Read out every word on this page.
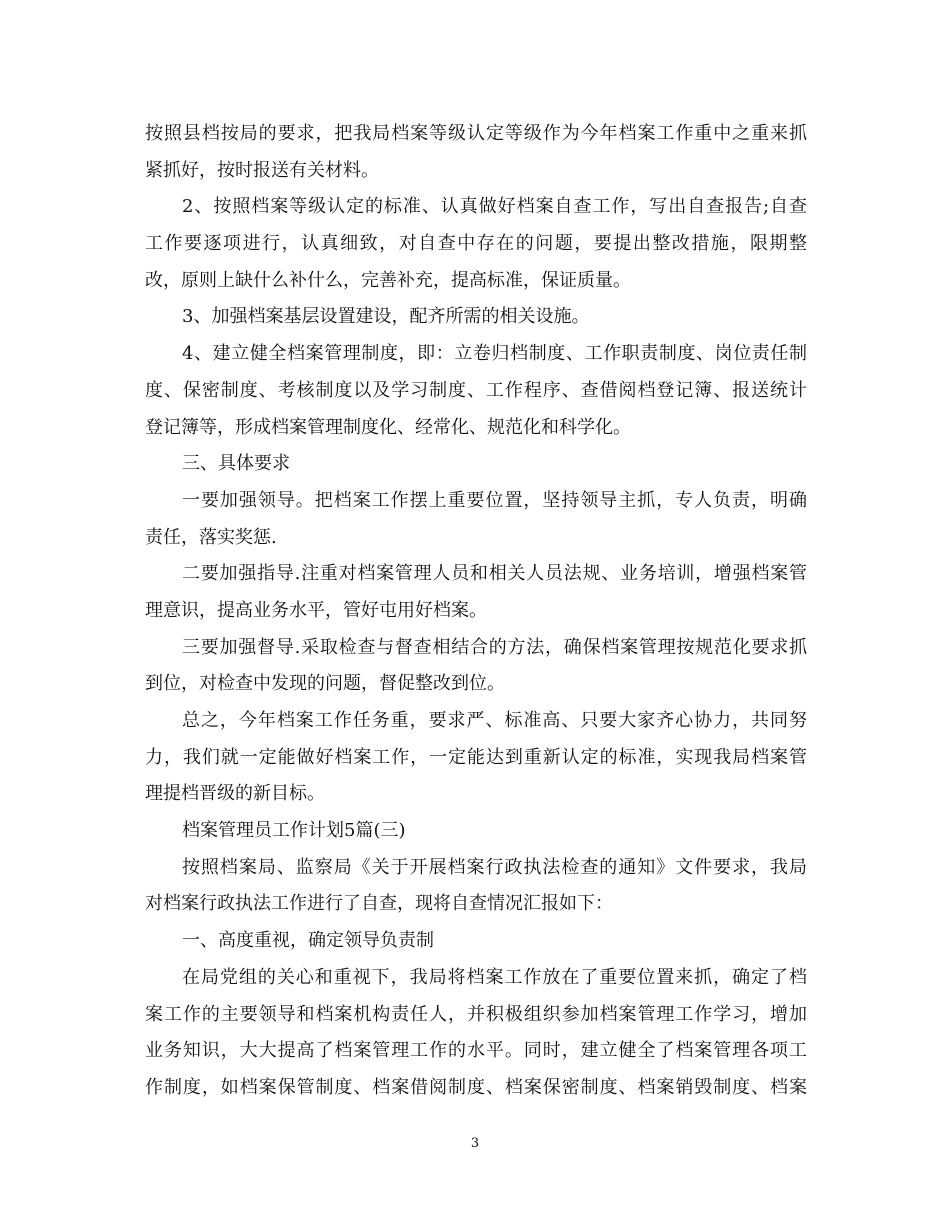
按照县档按局的要求，把我局档案等级认定等级作为今年档案工作重中之重来抓
紧抓好，按时报送有关材料。
2、按照档案等级认定的标准、认真做好档案自查工作，写出自查报告;自查
工作要逐项进行，认真细致，对自查中存在的问题，要提出整改措施，限期整
改，原则上缺什么补什么，完善补充，提高标准，保证质量。
3、加强档案基层设置建设，配齐所需的相关设施。
4、建立健全档案管理制度，即：立卷归档制度、工作职责制度、岗位责任制
度、保密制度、考核制度以及学习制度、工作程序、查借阅档登记簿、报送统计
登记簿等，形成档案管理制度化、经常化、规范化和科学化。
三、具体要求
一要加强领导。把档案工作摆上重要位置，坚持领导主抓，专人负责，明确
责任，落实奖惩.
二要加强指导.注重对档案管理人员和相关人员法规、业务培训，增强档案管
理意识，提高业务水平，管好屯用好档案。
三要加强督导.采取检查与督查相结合的方法，确保档案管理按规范化要求抓
到位，对检查中发现的问题，督促整改到位。
总之，今年档案工作任务重，要求严、标准高、只要大家齐心协力，共同努
力，我们就一定能做好档案工作，一定能达到重新认定的标准，实现我局档案管
理提档晋级的新目标。
档案管理员工作计划5篇(三)
按照档案局、监察局《关于开展档案行政执法检查的通知》文件要求，我局
对档案行政执法工作进行了自查，现将自查情况汇报如下：
一、高度重视，确定领导负责制
在局党组的关心和重视下，我局将档案工作放在了重要位置来抓，确定了档
案工作的主要领导和档案机构责任人，并积极组织参加档案管理工作学习，增加
业务知识，大大提高了档案管理工作的水平。同时，建立健全了档案管理各项工
作制度，如档案保管制度、档案借阅制度、档案保密制度、档案销毁制度、档案
3
